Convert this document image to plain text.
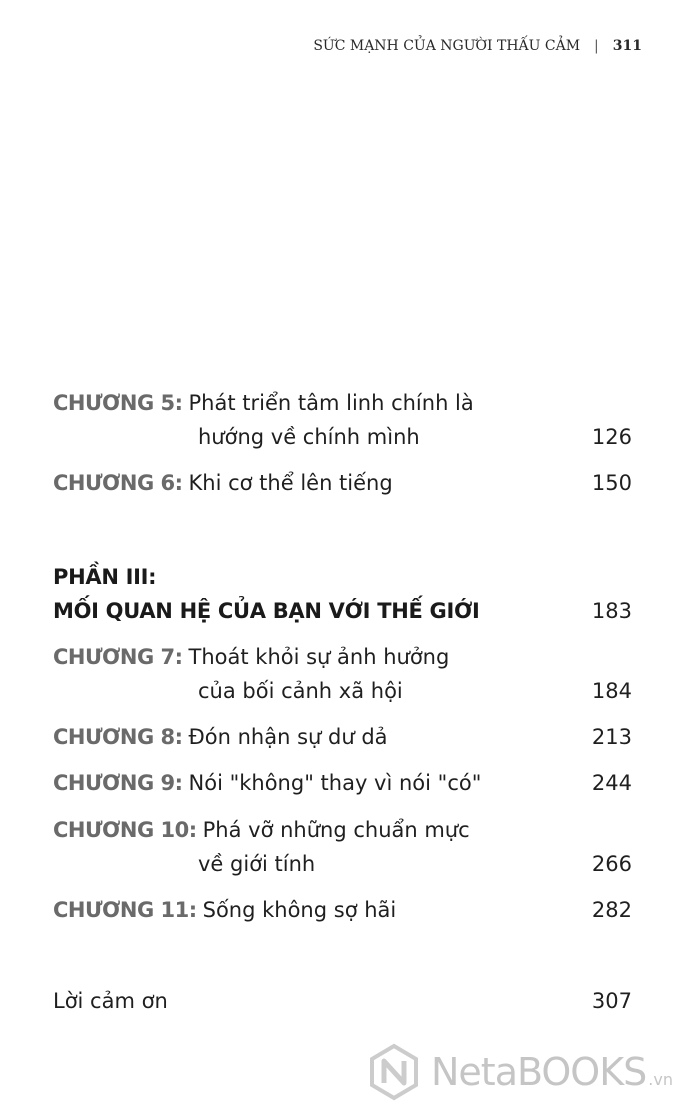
SỨC MẠNH CỦA NGƯỜI THẤU CẢM | 311
CHƯƠNG 5: Phát triển tâm linh chính là
hướng về chính mình	126
CHƯƠNG 6: Khi cơ thể lên tiếng	150
PHẦN III:
MỐI QUAN HỆ CỦA BẠN VỚI THẾ GIỚI	183
CHƯƠNG 7: Thoát khỏi sự ảnh hưởng
của bối cảnh xã hội	184
CHƯƠNG 8: Đón nhận sự dư dả	213
CHƯƠNG 9: Nói "không" thay vì nói "có"	244
CHƯƠNG 10: Phá vỡ những chuẩn mực
về giới tính	266
CHƯƠNG 11: Sống không sợ hãi	282
Lời cảm ơn	307
NetaBOOKS .vn
